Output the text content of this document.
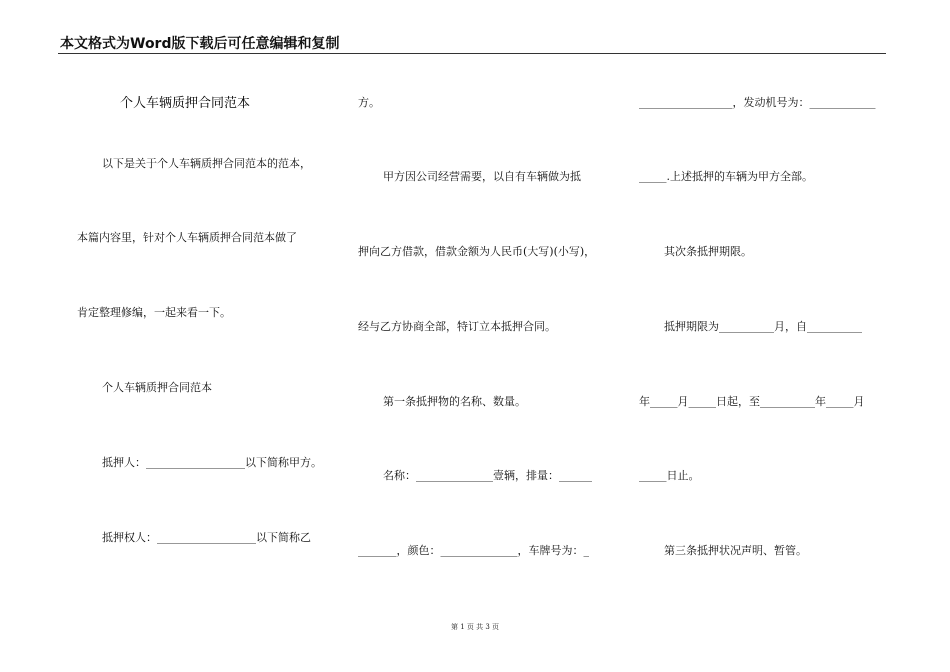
本文格式为Word版下载后可任意编辑和复制
个人车辆质押合同范本
以下是关于个人车辆质押合同范本的范本，
本篇内容里，针对个人车辆质押合同范本做了
肯定整理修编，一起来看一下。
个人车辆质押合同范本
抵押人：__________________以下简称甲方。
抵押权人：__________________以下简称乙
方。
甲方因公司经营需要，以自有车辆做为抵
押向乙方借款，借款金额为人民币(大写)(小写)，
经与乙方协商全部，特订立本抵押合同。
第一条抵押物的名称、数量。
名称：______________壹辆，排量：______
_______，颜色：______________，车牌号为：_
_________________，发动机号为：____________
_____.上述抵押的车辆为甲方全部。
其次条抵押期限。
抵押期限为__________月，自__________
年_____月_____日起，至__________年_____月
_____日止。
第三条抵押状况声明、暂管。
第 1 页 共 3 页
